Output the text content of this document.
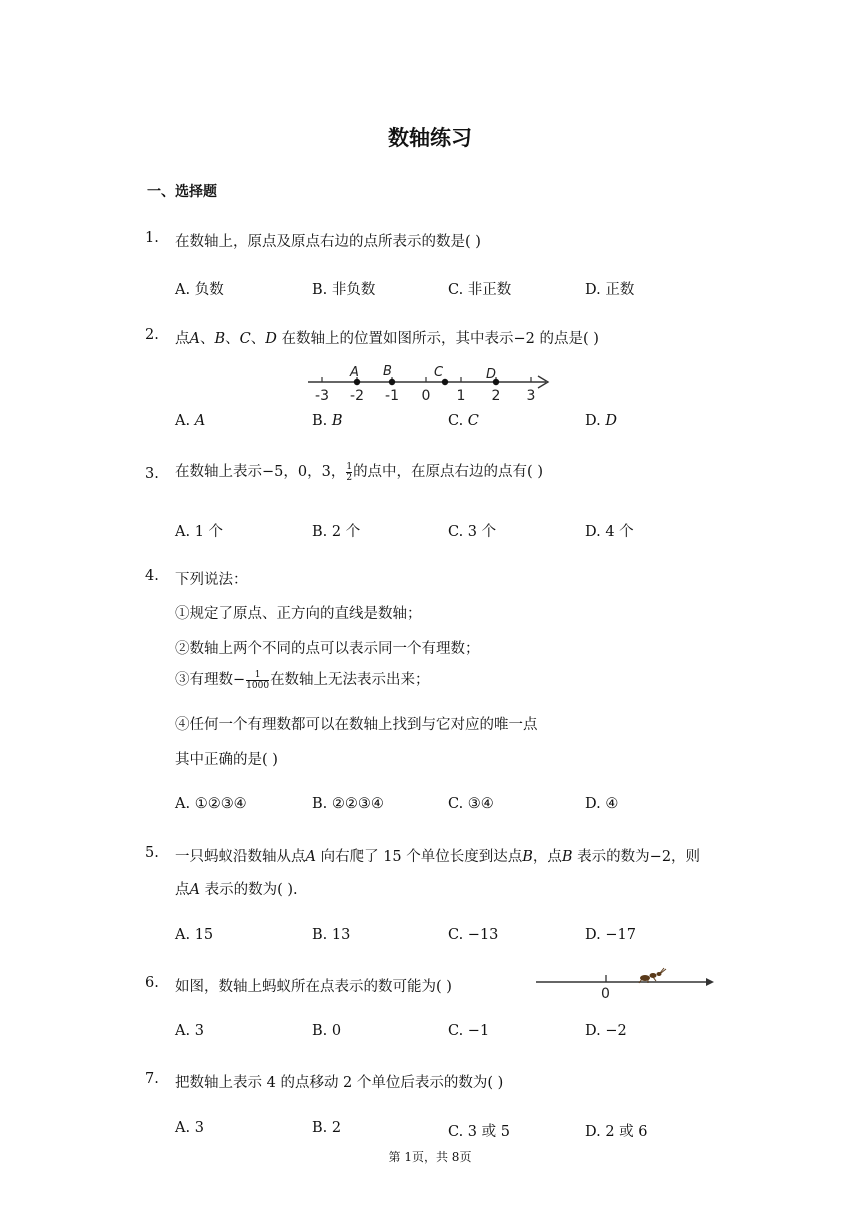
数轴练习
一、选择题
1. 在数轴上，原点及原点右边的点所表示的数是( )
A. 负数	B. 非负数	C. 非正数	D. 正数
2. 点A、B、C、D 在数轴上的位置如图所示，其中表示−2 的点是( )
A B	C	D
-3 -2 -1 0 1 2 3
A. A	B. B	C. C	D. D
3. 在数轴上表示−5，0，3， $\frac{1}{2}$ 的点中，在原点右边的点有( )
A. 1 个	B. 2 个	C. 3 个	D. 4 个
4. 下列说法：
①规定了原点、正方向的直线是数轴；
②数轴上两个不同的点可以表示同一个有理数；
③有理数− $\frac{1}{1000}$ 在数轴上无法表示出来；
④任何一个有理数都可以在数轴上找到与它对应的唯一点
其中正确的是( )
A. ①②③④	B. ②②③④	C. ③④	D. ④
5. 一只蚂蚁沿数轴从点A 向右爬了 15 个单位长度到达点B，点B 表示的数为−2，则
点A 表示的数为( ).
A. 15	B. 13	C. −13	D. −17
6. 如图，数轴上蚂蚁所在点表示的数可能为( )	0
A. 3	B. 0	C. −1	D. −2
7. 把数轴上表示 4 的点移动 2 个单位后表示的数为( )
A. 3	B. 2	C. 3 或 5	D. 2 或 6
第 1页，共 8页
